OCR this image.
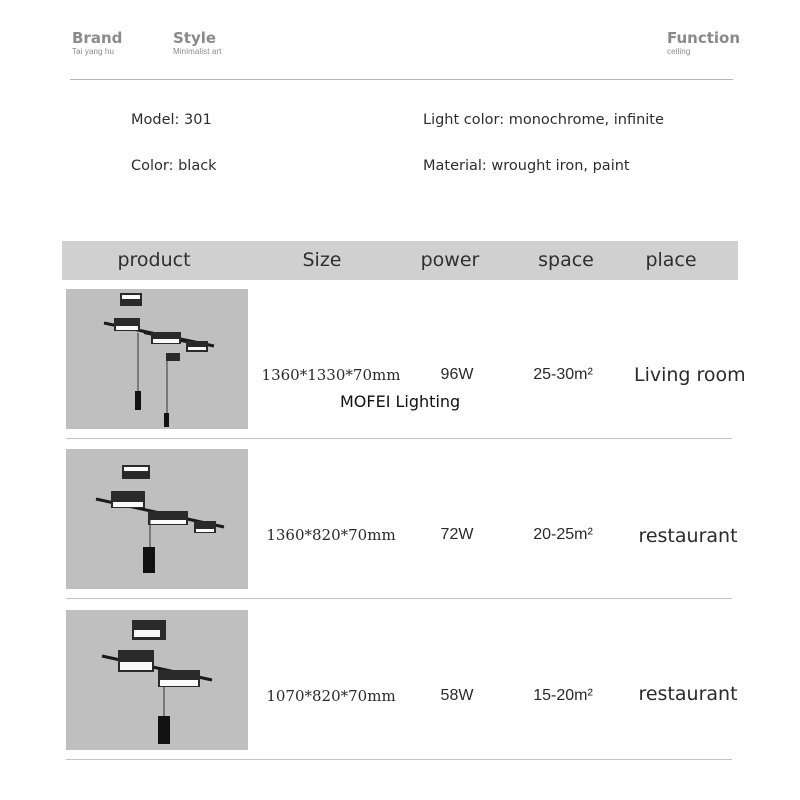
Brand
Tai yang hu
Style
Minimalist art
Function
ceiling
Model: 301	Light color: monochrome, infinite
Color: black	Material: wrought iron, paint
product	Size	power	space	place
1360*1330*70mm	96W	25-30m²	Living room
MOFEI Lighting
1360*820*70mm	72W	20-25m²	restaurant
1070*820*70mm	58W	15-20m²	restaurant
